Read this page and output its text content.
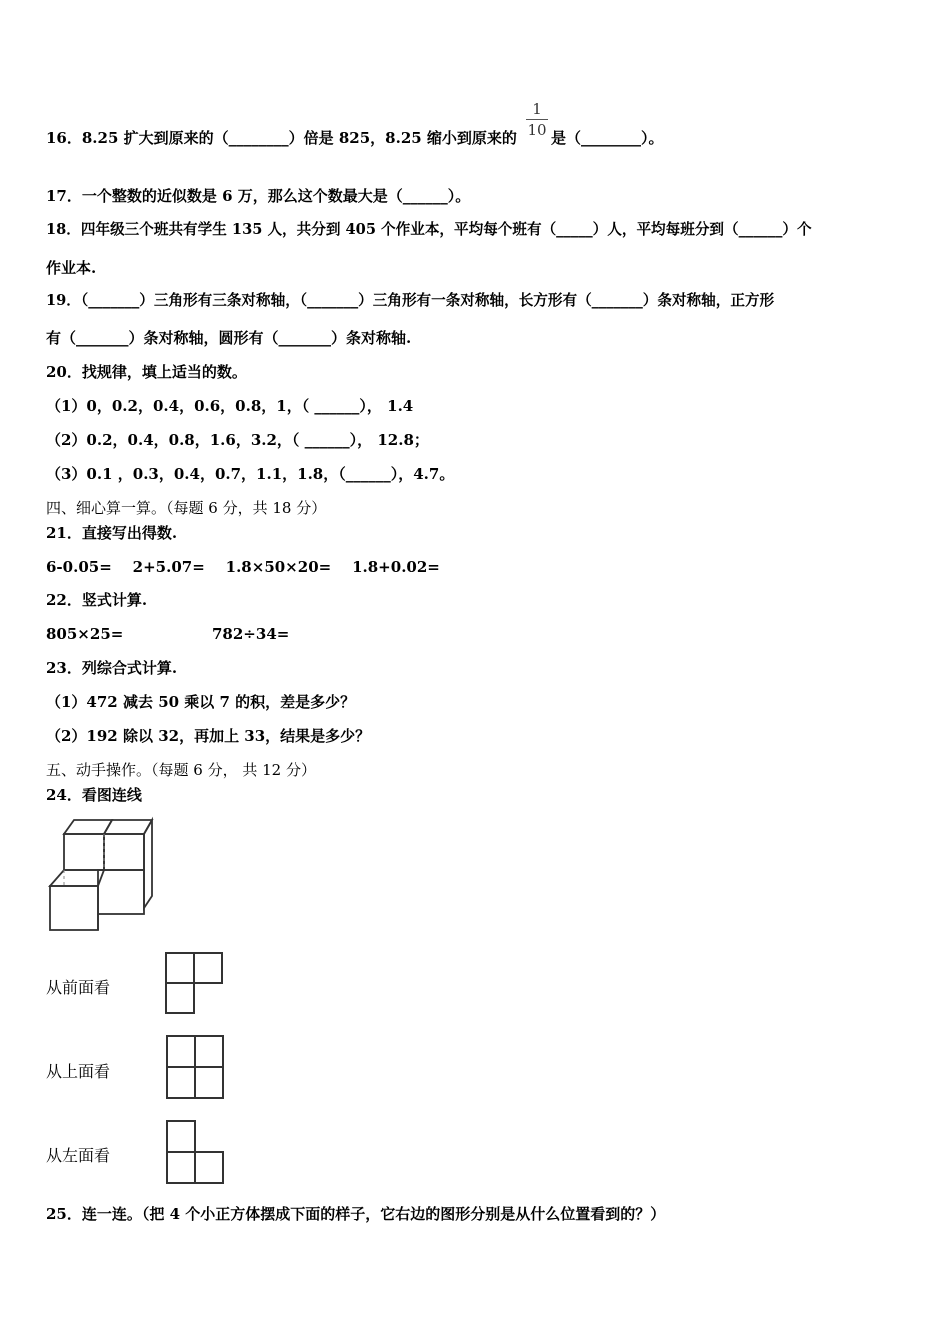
16．8.25 扩大到原来的（________）倍是 825，8.25 缩小到原来的
1
10 是（________）。
17．一个整数的近似数是 6 万，那么这个数最大是（______）。
18．四年级三个班共有学生 135 人，共分到 405 个作业本，平均每个班有（_____）人，平均每班分到（______）个
作业本.
19．（_______）三角形有三条对称轴，（_______）三角形有一条对称轴，长方形有（_______）条对称轴，正方形
有（_______）条对称轴，圆形有（_______）条对称轴.
20．找规律，填上适当的数。
（1）0，0.2，0.4，0.6，0.8，1，（ ______）， 1.4
（2）0.2，0.4，0.8，1.6，3.2，（ ______）， 12.8；
（3）0.1 ，0.3，0.4，0.7，1.1，1.8，（______），4.7。
四、细心算一算。（每题 6 分，共 18 分）
21．直接写出得数.
6-0.05=    2+5.07=    1.8×50×20=    1.8+0.02=
22．竖式计算.
805×25=	782÷34=
23．列综合式计算.
（1）472 减去 50 乘以 7 的积，差是多少？
（2）192 除以 32，再加上 33，结果是多少？
五、动手操作。（每题 6 分， 共 12 分）
24．看图连线
从前面看
从上面看
从左面看
25．连一连。（把 4 个小正方体摆成下面的样子，它右边的图形分别是从什么位置看到的？）
